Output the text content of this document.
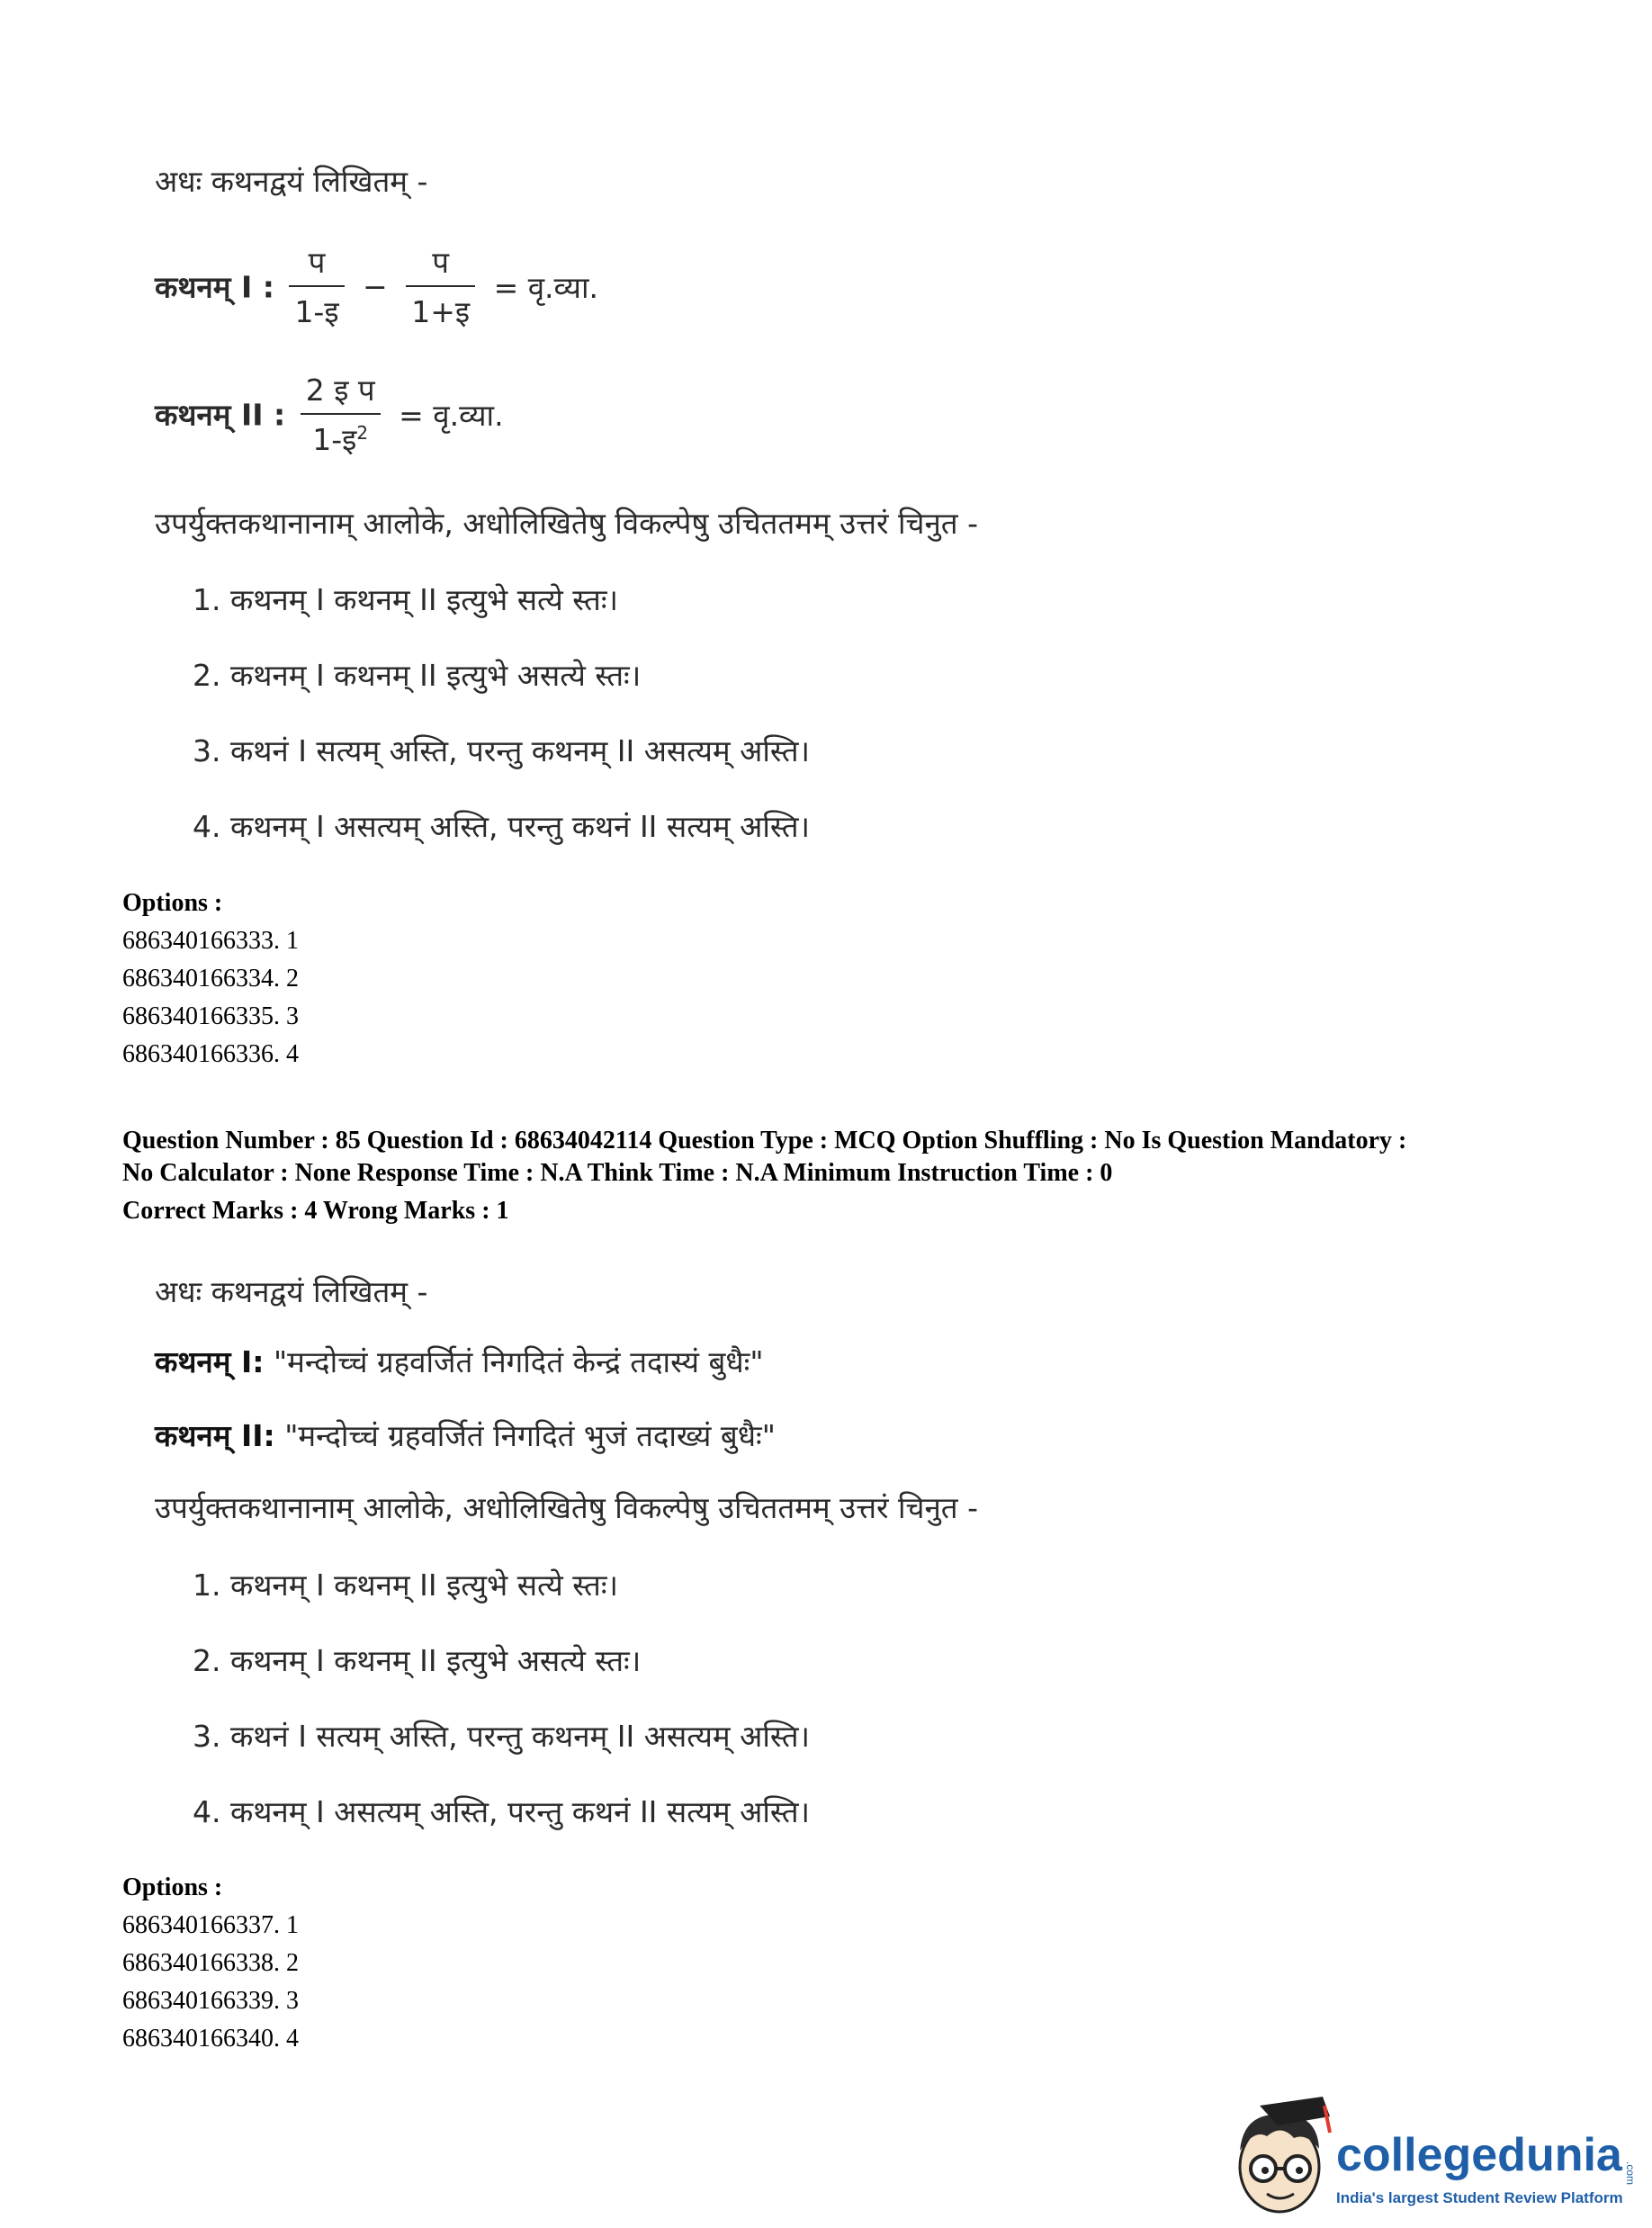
अधः कथनद्वयं लिखितम् -
कथनम् I : $\frac{\text{प}}{\text{1-इ}} - \frac{\text{प}}{\text{1+इ}}$ = वृ.व्या.
कथनम् II : $\frac{\text{2 इ प}}{1-इ^2}$ = वृ.व्या.
उपर्युक्तकथानानाम् आलोके, अधोलिखितेषु विकल्पेषु उचिततमम् उत्तरं चिनुत -
1. कथनम् I कथनम् II इत्युभे सत्ये स्तः।
2. कथनम् I कथनम् II इत्युभे असत्ये स्तः।
3. कथनं I सत्यम् अस्ति, परन्तु कथनम् II असत्यम् अस्ति।
4. कथनम् I असत्यम् अस्ति, परन्तु कथनं II सत्यम् अस्ति।
Options :
686340166333. 1
686340166334. 2
686340166335. 3
686340166336. 4
Question Number : 85 Question Id : 68634042114 Question Type : MCQ Option Shuffling : No Is Question Mandatory :
No Calculator : None Response Time : N.A Think Time : N.A Minimum Instruction Time : 0
Correct Marks : 4 Wrong Marks : 1
अधः कथनद्वयं लिखितम् -
कथनम् I: "मन्दोच्चं ग्रहवर्जितं निगदितं केन्द्रं तदास्यं बुधैः"
कथनम् II: "मन्दोच्चं ग्रहवर्जितं निगदितं भुजं तदाख्यं बुधैः"
उपर्युक्तकथानानाम् आलोके, अधोलिखितेषु विकल्पेषु उचिततमम् उत्तरं चिनुत -
1. कथनम् I कथनम् II इत्युभे सत्ये स्तः।
2. कथनम् I कथनम् II इत्युभे असत्ये स्तः।
3. कथनं I सत्यम् अस्ति, परन्तु कथनम् II असत्यम् अस्ति।
4. कथनम् I असत्यम् अस्ति, परन्तु कथनं II सत्यम् अस्ति।
Options :
686340166337. 1
686340166338. 2
686340166339. 3
686340166340. 4
collegedunia
India's largest Student Review Platform
.com
